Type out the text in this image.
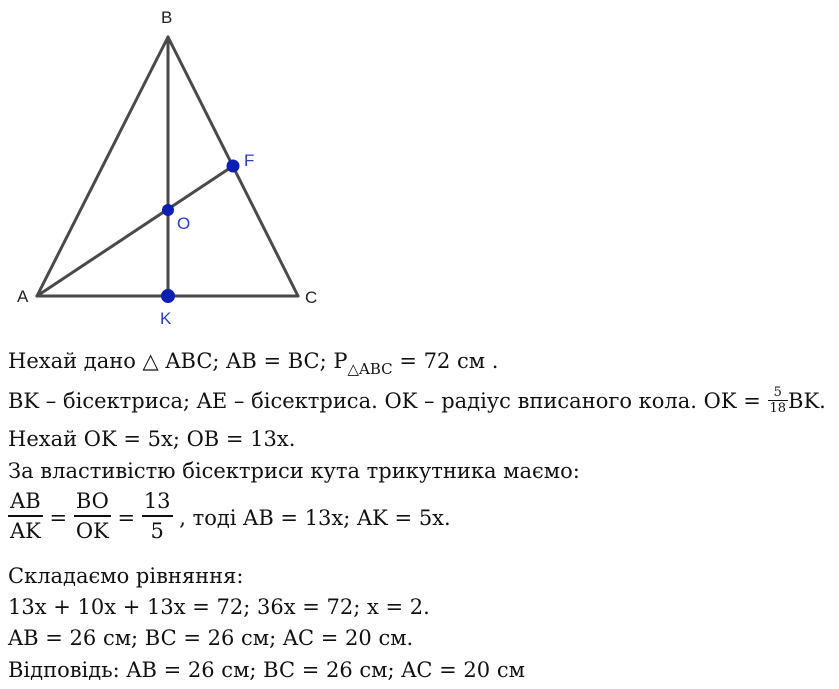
B
A	C
F
O
K
Нехай дано △ ABC; AB = BC; $P_{\triangle ABC} = 72$ см .
BK – бісектриса; AE – бісектриса. OK – радіус вписаного кола. OK = $\frac{5}{18}$ BK.
Нехай OK = 5x; OB = 13x.
За властивістю бісектриси кута трикутника маємо:
$\frac{AB}{AK} = \frac{BO}{OK} = \frac{13}{5}$ , тоді AB = 13x; AK = 5x.
Складаємо рівняння:
13x + 10x + 13x = 72; 36x = 72; x = 2.
AB = 26 см; BC = 26 см; AC = 20 см.
Відповідь: AB = 26 см; BC = 26 см; AC = 20 см
